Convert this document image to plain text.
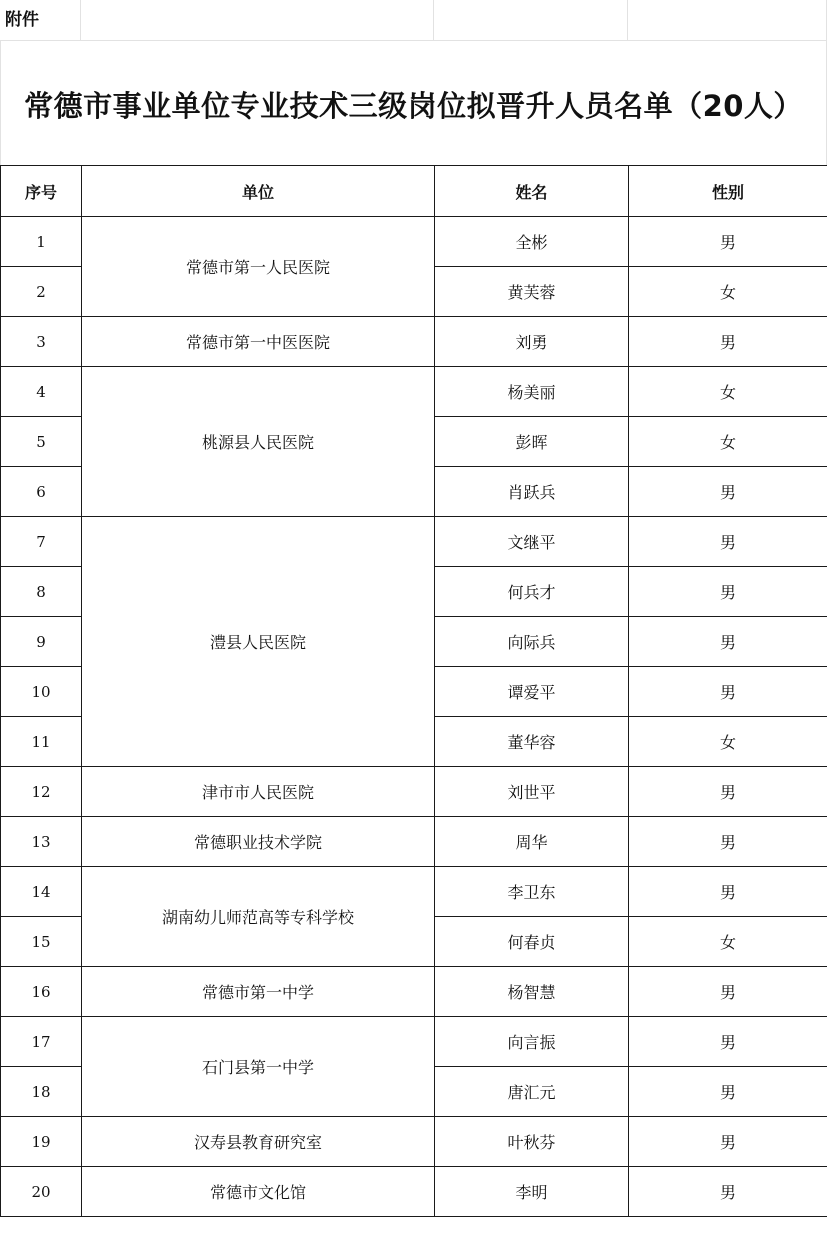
附件
常德市事业单位专业技术三级岗位拟晋升人员名单（20人）
序号	单位	姓名	性别
1	常德市第一人民医院	全彬	男
2		黄芙蓉	女
3	常德市第一中医医院	刘勇	男
4	桃源县人民医院	杨美丽	女
5		彭晖	女
6		肖跃兵	男
7	澧县人民医院	文继平	男
8		何兵才	男
9		向际兵	男
10		谭爱平	男
11		董华容	女
12	津市市人民医院	刘世平	男
13	常德职业技术学院	周华	男
14	湖南幼儿师范高等专科学校	李卫东	男
15		何春贞	女
16	常德市第一中学	杨智慧	男
17	石门县第一中学	向言振	男
18		唐汇元	男
19	汉寿县教育研究室	叶秋芬	男
20	常德市文化馆	李明	男
